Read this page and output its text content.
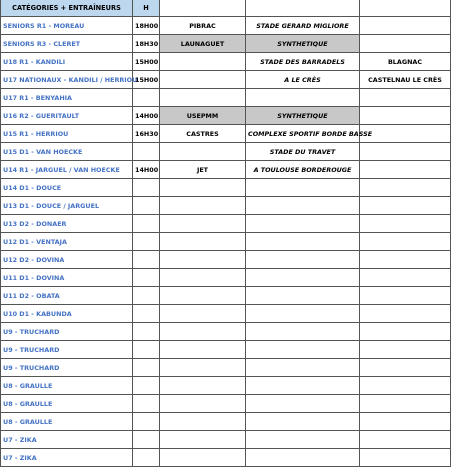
CATÉGORIES + ENTRAÎNEURS	H				
SENIORS R1 - MOREAU	18H00	PIBRAC	STADE GERARD MIGLIORE		
SENIORS R3 - CLERET	18H30	LAUNAGUET	SYNTHETIQUE		
U18 R1 - KANDILI	15H00		STADE DES BARRADELS	BLAGNAC	
U17 NATIONAUX - KANDILI / HERRIOU	15H00		A LE CRÈS	CASTELNAU LE CRÈS	
U17 R1 - BENYAHIA					
U16 R2 - GUERITAULT	14H00	USEPMM	SYNTHETIQUE		
U15 R1 - HERRIOU	16H30	CASTRES	COMPLEXE SPORTIF BORDE BASSE		
U15 D1 - VAN HOECKE			STADE DU TRAVET		
U14 R1 - JARGUEL / VAN HOECKE	14H00	JET	A TOULOUSE BORDEROUGE		
U14 D1 - DOUCE					
U13 D1 - DOUCE / JARGUEL					
U13 D2 - DONAER					
U12 D1 - VENTAJA					
U12 D2 - DOVINA					
U11 D1 - DOVINA					
U11 D2 - OBATA					
U10 D1 - KABUNDA					
U9 - TRUCHARD					
U9 - TRUCHARD					
U9 - TRUCHARD					
U8 - GRAULLE					
U8 - GRAULLE					
U8 - GRAULLE					
U7 - ZIKA					
U7 - ZIKA					
